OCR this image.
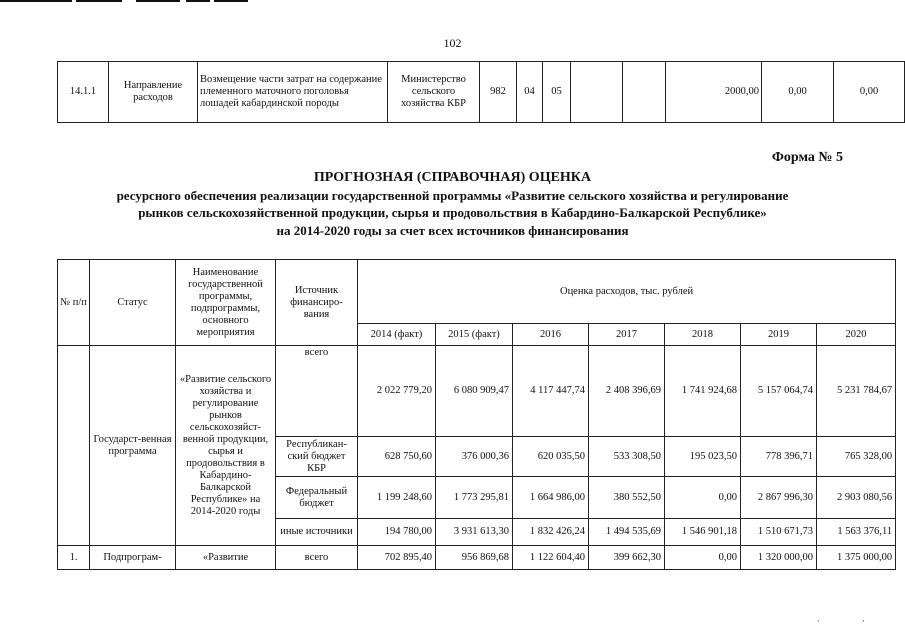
102
14.1.1	Направление расходов	Возмещение части затрат на содержание племенного маточного поголовья лошадей кабардинской породы	Министерство сельского хозяйства КБР	982	04	05			2000,00	0,00	0,00
Форма № 5
ПРОГНОЗНАЯ (СПРАВОЧНАЯ) ОЦЕНКА
ресурсного обеспечения реализации государственной программы «Развитие сельского хозяйства и регулирование
рынков сельскохозяйственной продукции, сырья и продовольствия в Кабардино-Балкарской Республике»
на 2014-2020 годы за счет всех источников финансирования
№ п/п	Статус	Наименование государственной программы, подпрограммы, основного мероприятия	Источник финансиро-вания	Оценка расходов, тыс. рублей						
				2014 (факт)	2015 (факт)	2016	2017	2018	2019	2020
	Государст-венная программа	«Развитие сельского хозяйства и регулирование рынков сельскохозяйст-венной продукции, сырья и продовольствия в Кабардино-Балкарской Республике» на 2014-2020 годы	всего	2 022 779,20	6 080 909,47	4 117 447,74	2 408 396,69	1 741 924,68	5 157 064,74	5 231 784,67
			Республикан-ский бюджет КБР	628 750,60	376 000,36	620 035,50	533 308,50	195 023,50	778 396,71	765 328,00
			Федеральный бюджет	1 199 248,60	1 773 295,81	1 664 986,00	380 552,50	0,00	2 867 996,30	2 903 080,56
			иные источники	194 780,00	3 931 613,30	1 832 426,24	1 494 535,69	1 546 901,18	1 510 671,73	1 563 376,11
1.	Подпрограм-	«Развитие	всего	702 895,40	956 869,68	1 122 604,40	399 662,30	0,00	1 320 000,00	1 375 000,00
· ·
